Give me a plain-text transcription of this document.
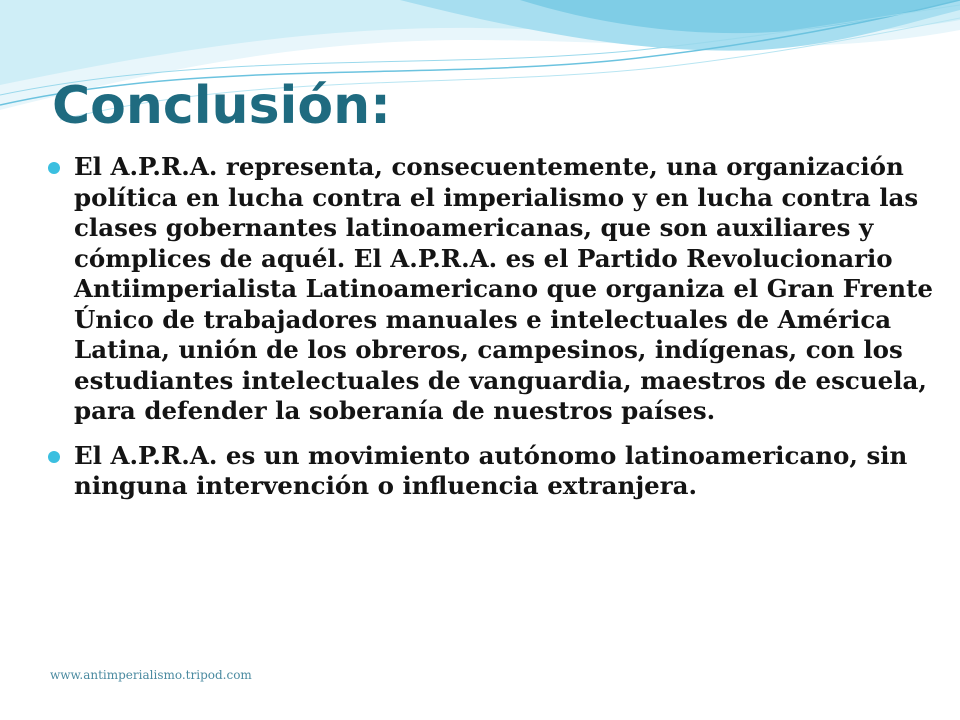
Conclusión:
El A.P.R.A. representa, consecuentemente, una organización política en lucha contra el imperialismo y en lucha contra las clases gobernantes latinoamericanas, que son auxiliares y cómplices de aquél. El A.P.R.A. es el Partido Revolucionario Antiimperialista Latinoamericano que organiza el Gran Frente Único de trabajadores manuales e intelectuales de América Latina, unión de los obreros, campesinos, indígenas, con los estudiantes intelectuales de vanguardia, maestros de escuela, para defender la soberanía de nuestros países.
El A.P.R.A. es un movimiento autónomo latinoamericano, sin ninguna intervención o influencia extranjera.
www.antimperialismo.tripod.com
